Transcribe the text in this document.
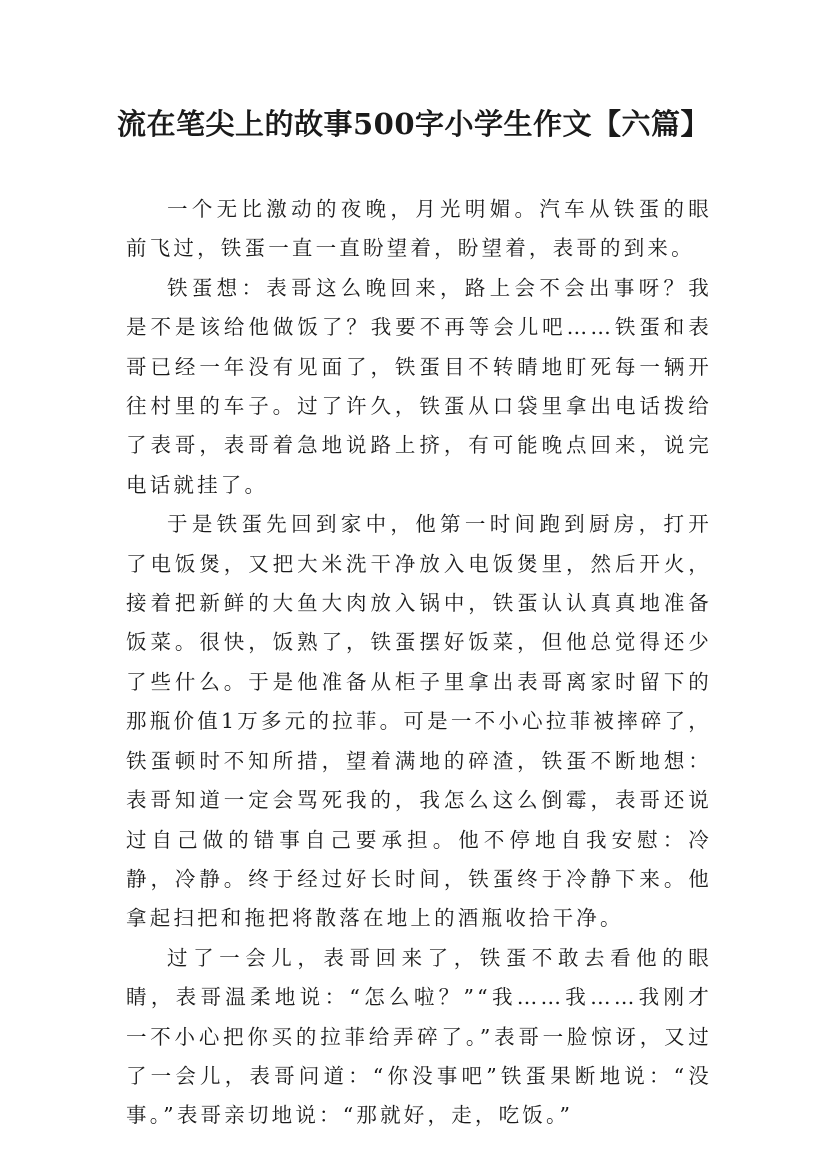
流在笔尖上的故事500字小学生作文【六篇】

一个无比激动的夜晚，月光明媚。汽车从铁蛋的眼前飞过，铁蛋一直一直盼望着，盼望着，表哥的到来。

铁蛋想：表哥这么晚回来，路上会不会出事呀？我是不是该给他做饭了？我要不再等会儿吧……铁蛋和表哥已经一年没有见面了，铁蛋目不转睛地盯死每一辆开往村里的车子。过了许久，铁蛋从口袋里拿出电话拨给了表哥，表哥着急地说路上挤，有可能晚点回来，说完电话就挂了。

于是铁蛋先回到家中，他第一时间跑到厨房，打开了电饭煲，又把大米洗干净放入电饭煲里，然后开火，接着把新鲜的大鱼大肉放入锅中，铁蛋认认真真地准备饭菜。很快，饭熟了，铁蛋摆好饭菜，但他总觉得还少了些什么。于是他准备从柜子里拿出表哥离家时留下的那瓶价值1万多元的拉菲。可是一不小心拉菲被摔碎了，铁蛋顿时不知所措，望着满地的碎渣，铁蛋不断地想：表哥知道一定会骂死我的，我怎么这么倒霉，表哥还说过自己做的错事自己要承担。他不停地自我安慰：冷静，冷静。终于经过好长时间，铁蛋终于冷静下来。他拿起扫把和拖把将散落在地上的酒瓶收拾干净。

过了一会儿，表哥回来了，铁蛋不敢去看他的眼睛，表哥温柔地说：“怎么啦？”“我……我……我刚才一不小心把你买的拉菲给弄碎了。”表哥一脸惊讶，又过了一会儿，表哥问道：“你没事吧”铁蛋果断地说：“没事。”表哥亲切地说：“那就好，走，吃饭。”
